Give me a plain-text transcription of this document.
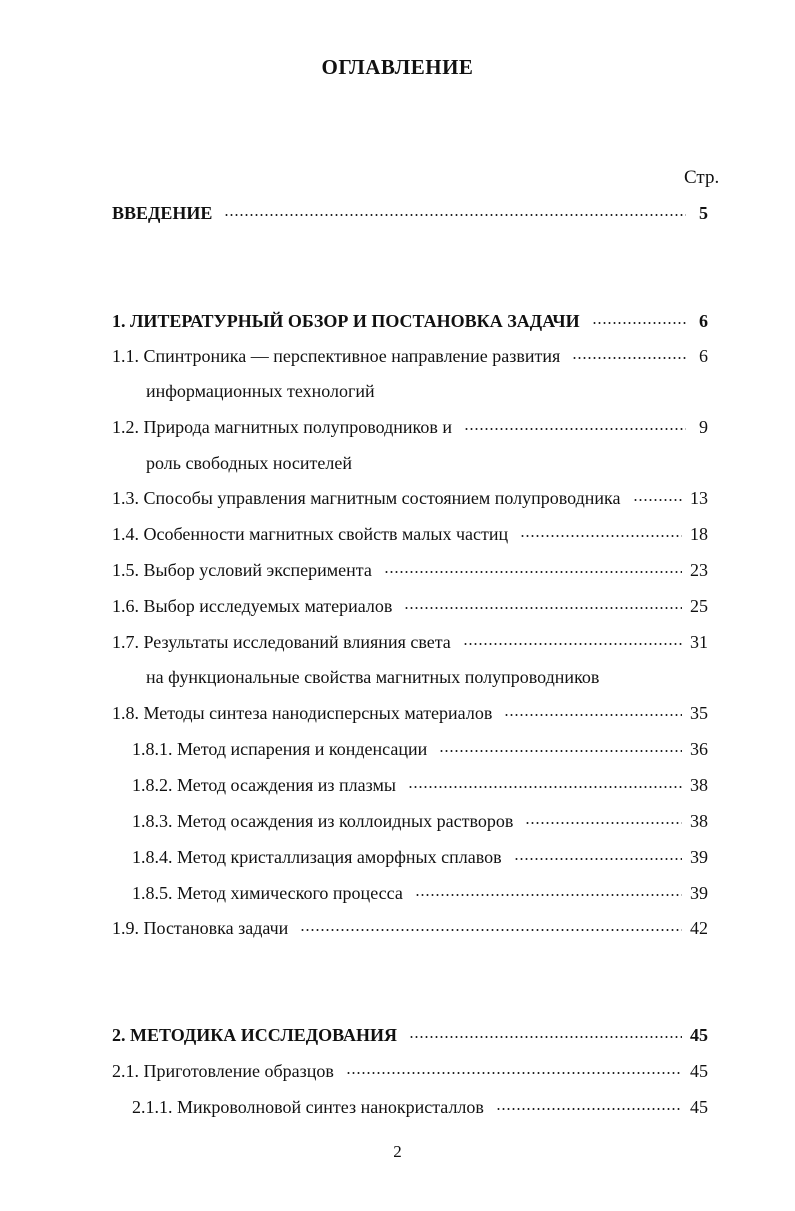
ОГЛАВЛЕНИЕ
Стр.
ВВЕДЕНИЕ	5
1. ЛИТЕРАТУРНЫЙ ОБЗОР И ПОСТАНОВКА ЗАДАЧИ	6
1.1. Спинтроника — перспективное направление развития	6
информационных технологий
1.2. Природа магнитных полупроводников и	9
роль свободных носителей
1.3. Способы управления магнитным состоянием полупроводника	13
1.4. Особенности магнитных свойств малых частиц	18
1.5. Выбор условий эксперимента	23
1.6. Выбор исследуемых материалов	25
1.7. Результаты исследований влияния света	31
на функциональные свойства магнитных полупроводников
1.8. Методы синтеза нанодисперсных материалов	35
1.8.1. Метод испарения и конденсации	36
1.8.2. Метод осаждения из плазмы	38
1.8.3. Метод осаждения из коллоидных растворов	38
1.8.4. Метод кристаллизация аморфных сплавов	39
1.8.5. Метод химического процесса	39
1.9. Постановка задачи	42
2. МЕТОДИКА ИССЛЕДОВАНИЯ	45
2.1. Приготовление образцов	45
2.1.1. Микроволновой синтез нанокристаллов	45
2
